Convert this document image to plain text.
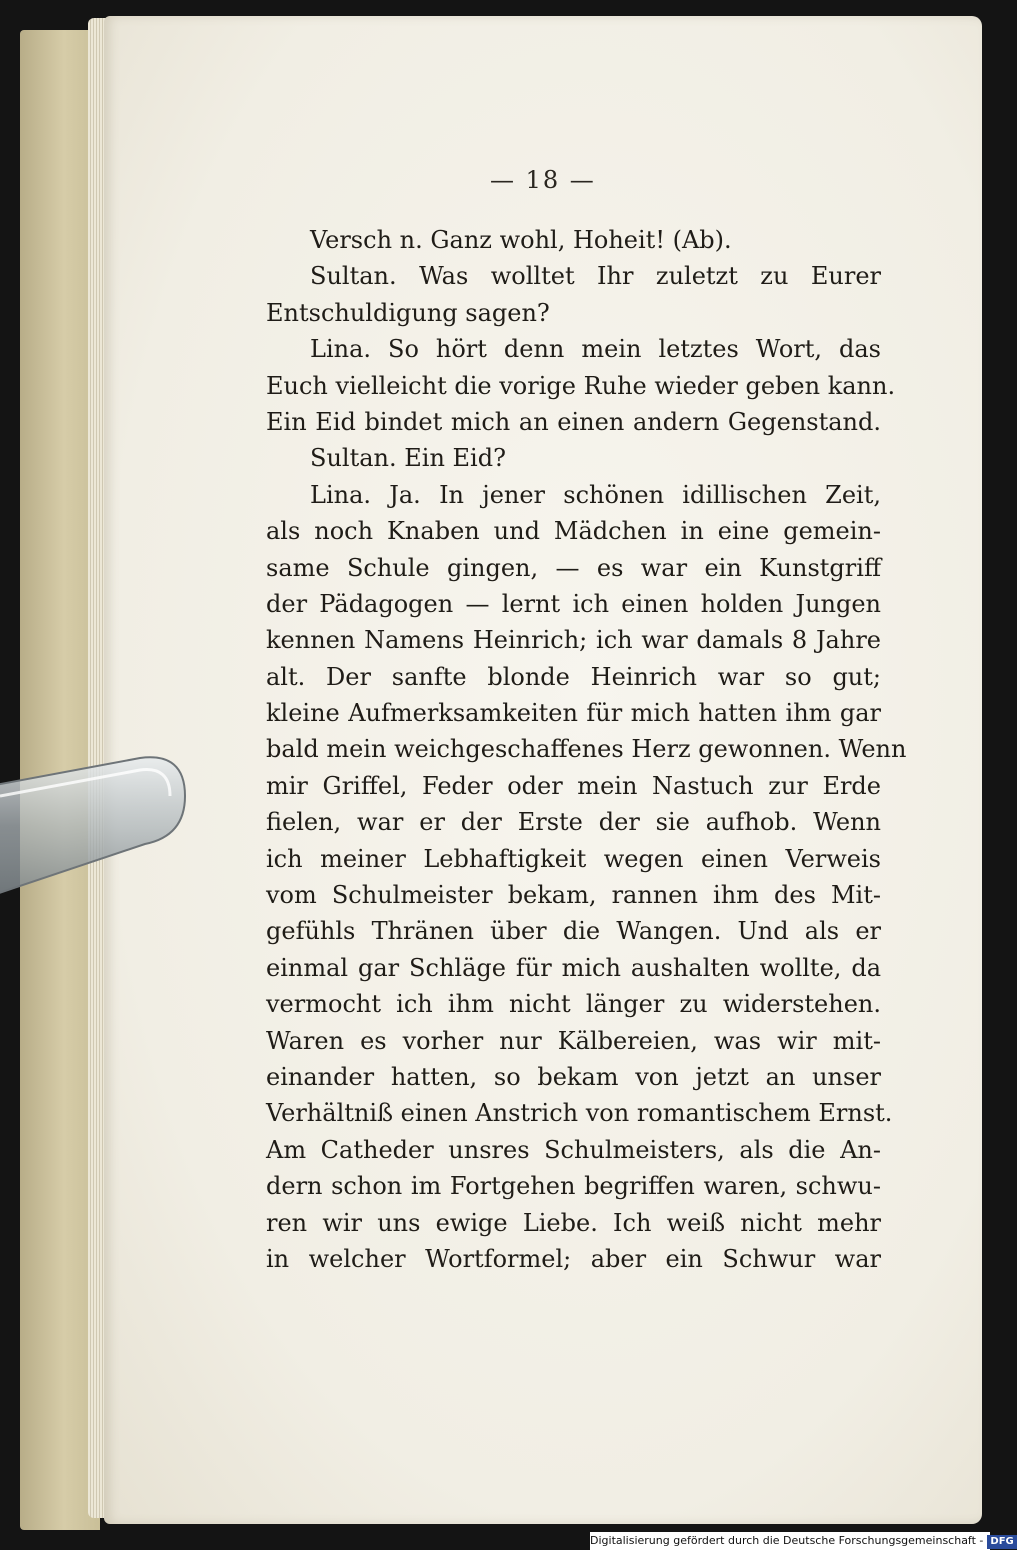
— 18 —
Versch n. Ganz wohl, Hoheit! (Ab).
Sultan. Was wolltet Ihr zuletzt zu Eurer
Entschuldigung sagen?
Lina. So hört denn mein letztes Wort, das
Euch vielleicht die vorige Ruhe wieder geben kann.
Ein Eid bindet mich an einen andern Gegenstand.
Sultan. Ein Eid?
Lina. Ja. In jener schönen idillischen Zeit,
als noch Knaben und Mädchen in eine gemein-
same Schule gingen, — es war ein Kunstgriff
der Pädagogen — lernt ich einen holden Jungen
kennen Namens Heinrich; ich war damals 8 Jahre
alt. Der sanfte blonde Heinrich war so gut;
kleine Aufmerksamkeiten für mich hatten ihm gar
bald mein weichgeschaffenes Herz gewonnen. Wenn
mir Griffel, Feder oder mein Nastuch zur Erde
fielen, war er der Erste der sie aufhob. Wenn
ich meiner Lebhaftigkeit wegen einen Verweis
vom Schulmeister bekam, rannen ihm des Mit-
gefühls Thränen über die Wangen. Und als er
einmal gar Schläge für mich aushalten wollte, da
vermocht ich ihm nicht länger zu widerstehen.
Waren es vorher nur Kälbereien, was wir mit-
einander hatten, so bekam von jetzt an unser
Verhältniß einen Anstrich von romantischem Ernst.
Am Catheder unsres Schulmeisters, als die An-
dern schon im Fortgehen begriffen waren, schwu-
ren wir uns ewige Liebe. Ich weiß nicht mehr
in welcher Wortformel; aber ein Schwur war
Digitalisierung gefördert durch die Deutsche Forschungsgemeinschaft - DFG
